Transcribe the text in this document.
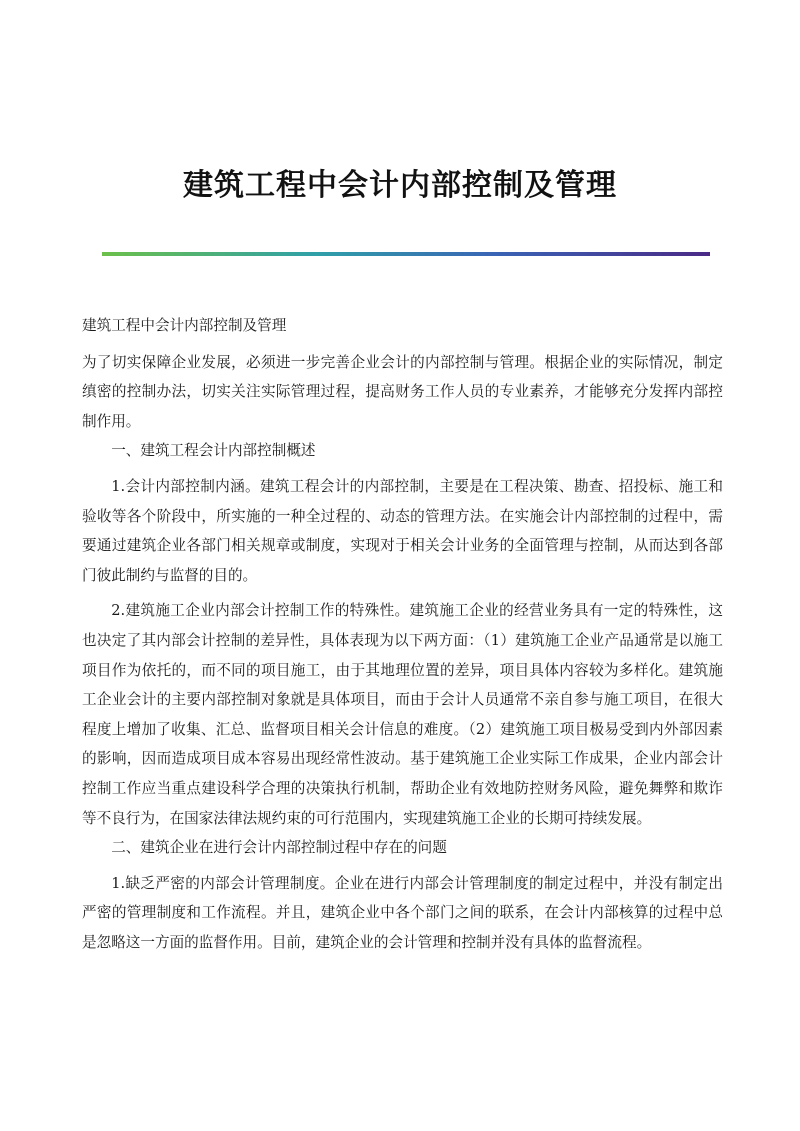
建筑工程中会计内部控制及管理

建筑工程中会计内部控制及管理

为了切实保障企业发展，必须进一步完善企业会计的内部控制与管理。根据企业的实际情况，制定缜密的控制办法，切实关注实际管理过程，提高财务工作人员的专业素养，才能够充分发挥内部控制作用。

一、建筑工程会计内部控制概述

1.会计内部控制内涵。建筑工程会计的内部控制，主要是在工程决策、勘查、招投标、施工和验收等各个阶段中，所实施的一种全过程的、动态的管理方法。在实施会计内部控制的过程中，需要通过建筑企业各部门相关规章或制度，实现对于相关会计业务的全面管理与控制，从而达到各部门彼此制约与监督的目的。

2.建筑施工企业内部会计控制工作的特殊性。建筑施工企业的经营业务具有一定的特殊性，这也决定了其内部会计控制的差异性，具体表现为以下两方面：（1）建筑施工企业产品通常是以施工项目作为依托的，而不同的项目施工，由于其地理位置的差异，项目具体内容较为多样化。建筑施工企业会计的主要内部控制对象就是具体项目，而由于会计人员通常不亲自参与施工项目，在很大程度上增加了收集、汇总、监督项目相关会计信息的难度。（2）建筑施工项目极易受到内外部因素的影响，因而造成项目成本容易出现经常性波动。基于建筑施工企业实际工作成果，企业内部会计控制工作应当重点建设科学合理的决策执行机制，帮助企业有效地防控财务风险，避免舞弊和欺诈等不良行为，在国家法律法规约束的可行范围内，实现建筑施工企业的长期可持续发展。

二、建筑企业在进行会计内部控制过程中存在的问题

1.缺乏严密的内部会计管理制度。企业在进行内部会计管理制度的制定过程中，并没有制定出严密的管理制度和工作流程。并且，建筑企业中各个部门之间的联系，在会计内部核算的过程中总是忽略这一方面的监督作用。目前，建筑企业的会计管理和控制并没有具体的监督流程。
